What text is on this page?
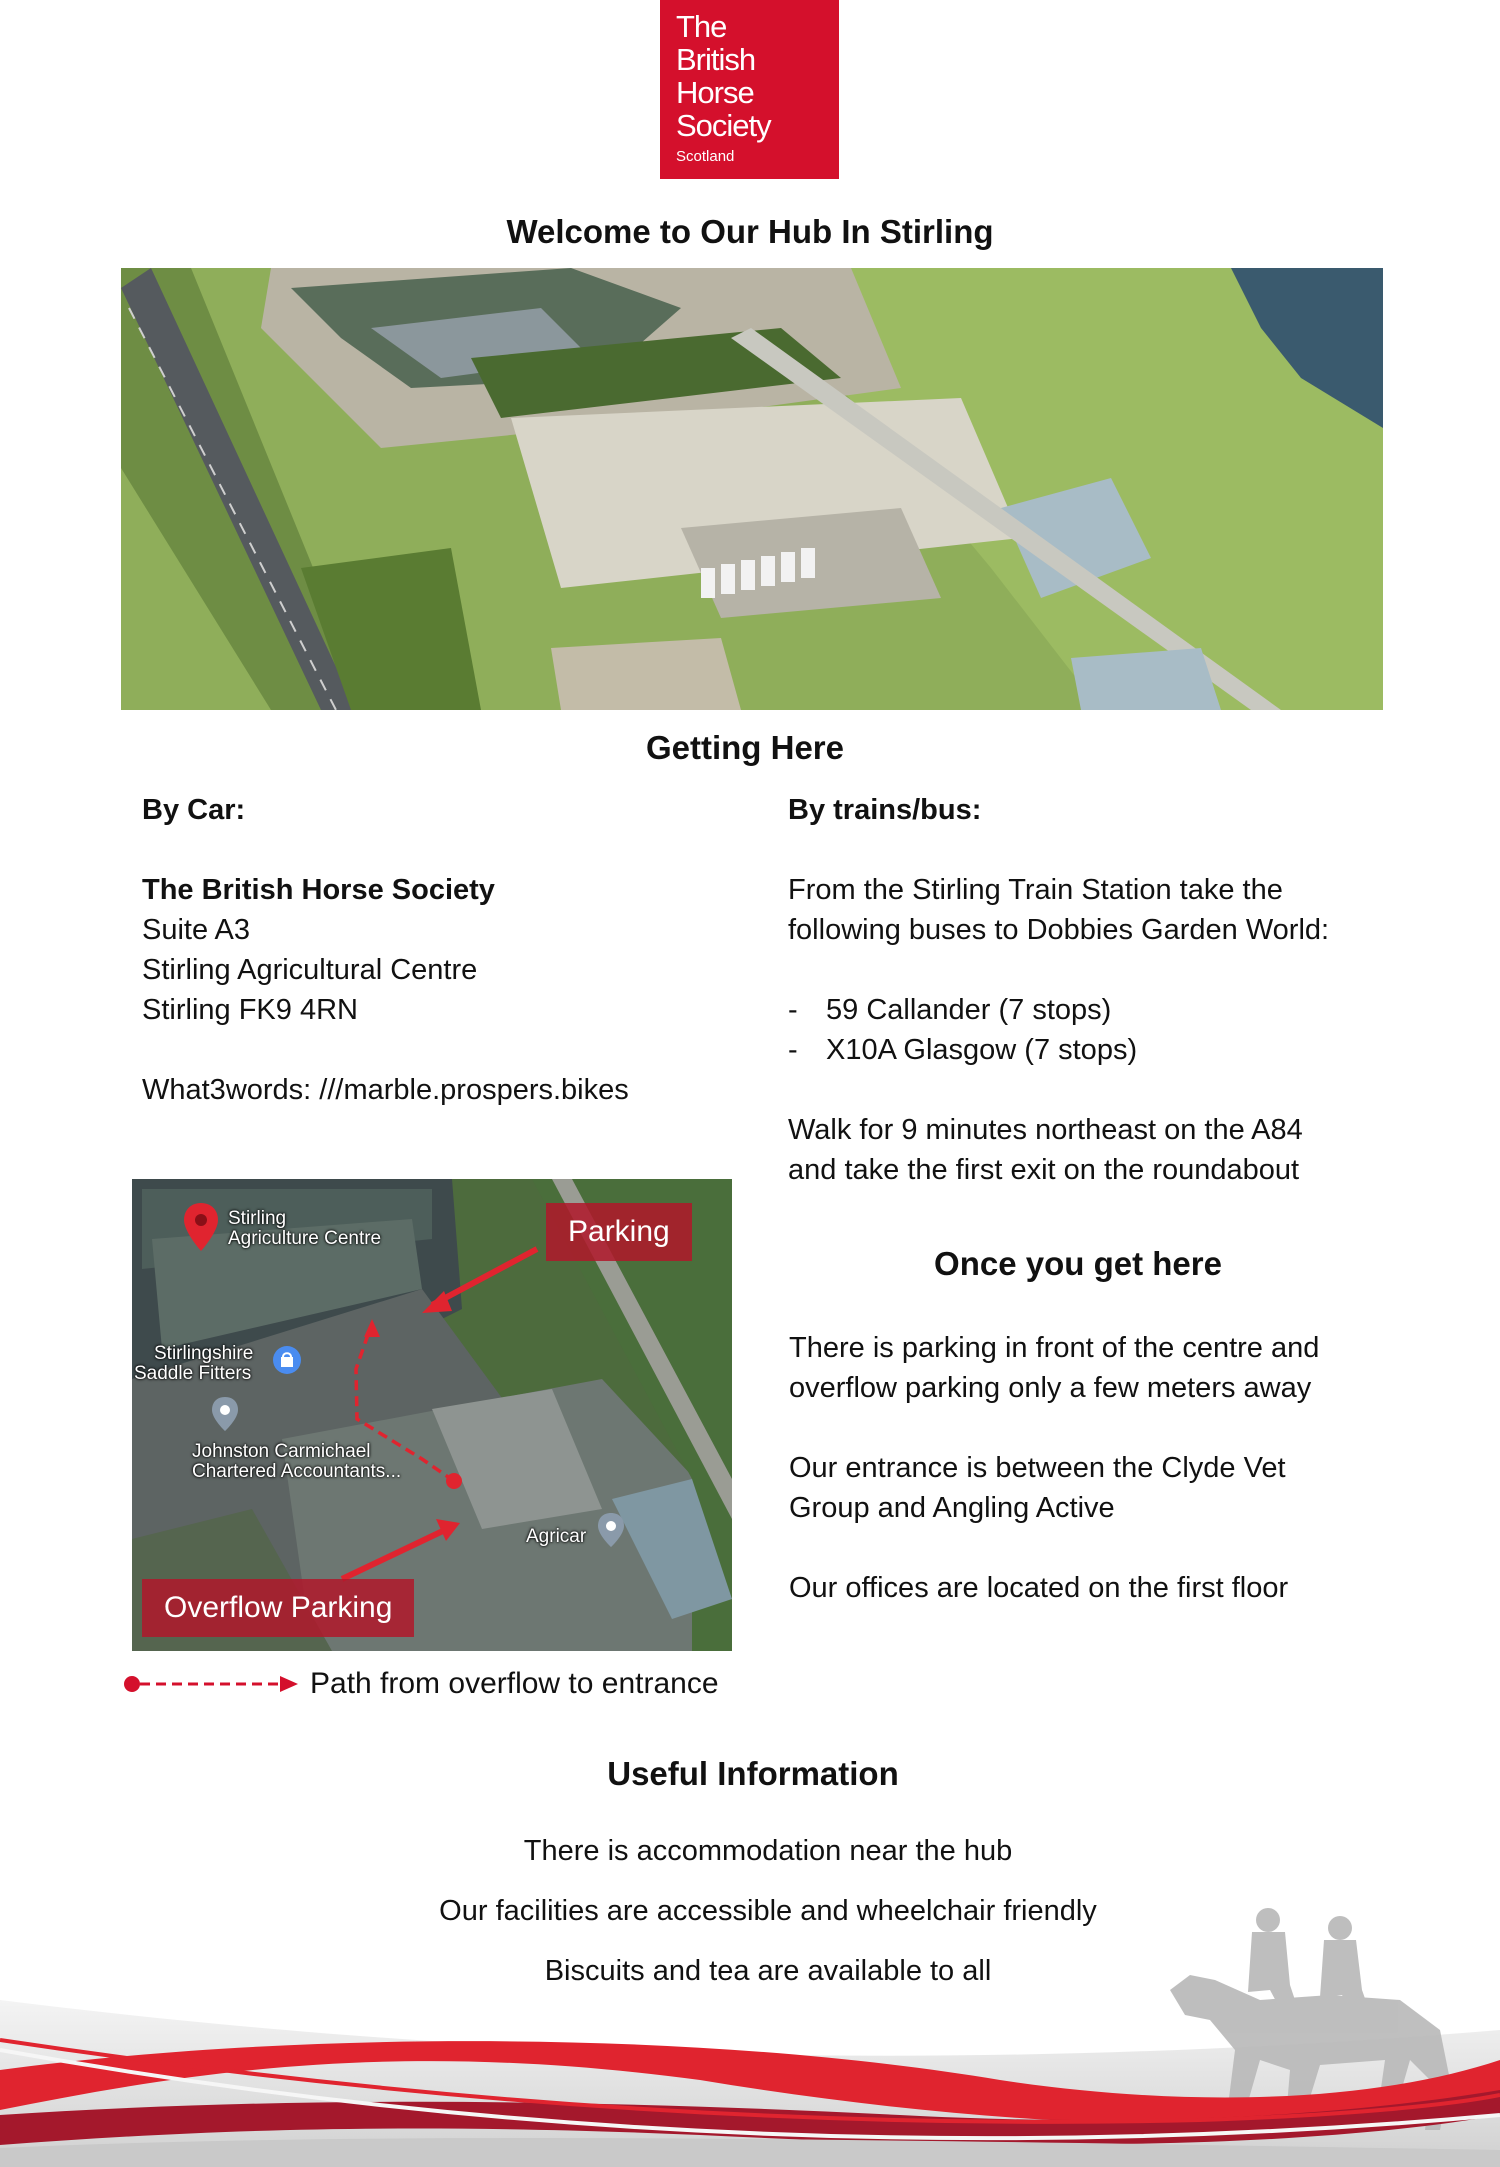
The
British
Horse
Society
Scotland
Welcome to Our Hub In Stirling
Getting Here
By Car:
The British Horse Society
Suite A3
Stirling Agricultural Centre
Stirling FK9 4RN
What3words: ///marble.prospers.bikes
By trains/bus:
From the Stirling Train Station take the
following buses to Dobbies Garden World:
- 59 Callander (7 stops)
- X10A Glasgow (7 stops)
Walk for 9 minutes northeast on the A84
and take the first exit on the roundabout
Stirling
Agriculture Centre
Stirlingshire
Saddle Fitters
Johnston Carmichael
Chartered Accountants...
Agricar
Parking
Overflow Parking
Path from overflow to entrance
Once you get here
There is parking in front of the centre and
overflow parking only a few meters away
Our entrance is between the Clyde Vet
Group and Angling Active
Our offices are located on the first floor
Useful Information
There is accommodation near the hub
Our facilities are accessible and wheelchair friendly
Biscuits and tea are available to all
